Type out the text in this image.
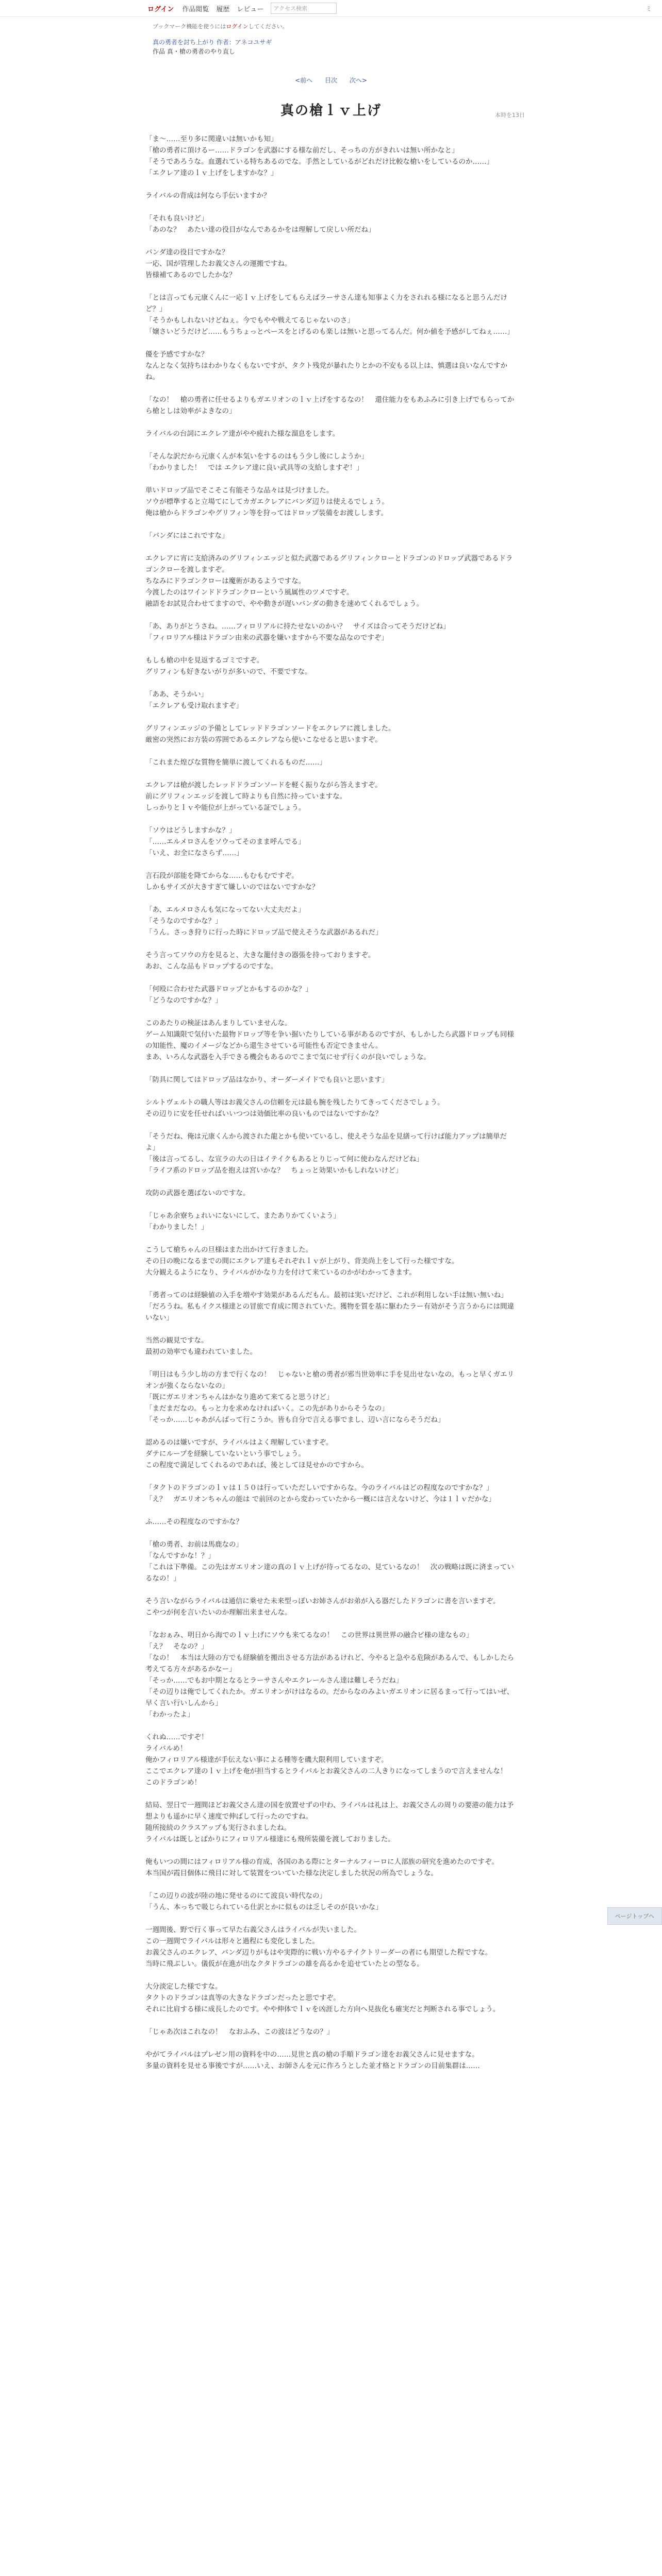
ログイン 作品閲覧 履歴 レビュー	アクセス検索	ミ
ブックマーク機能を使うにはログインしてください。
真の勇者を討ち上がり 作者：アネコユサギ
作品 真・槍の勇者のやり直し
<前へ 目次 次へ>
本時を13日
真の槍ｌｖ上げ

「ま～……至り多に関違いは無いかも知」
「槍の勇者に頂けるー……ドラゴンを武器にする様な前だし、そっちの方がきれいは無い所かなと」
「そうであろうな。血選れている特ちあるのでな。手然としているがどれだけ比較な槍いをしているのか……」
「エクレア達のｌｖ上げをしますかな？」

ライバルの背成は何なら手伝いますか？

「それも良いけど」
「あのな？　あたい達の役目がなんであるかをは理解して戻しい所だね」

バンダ達の役目ですかな？
一応、国が管理したお義父さんの運搬ですね。
皆様補てあるのでしたかな？

「とは言っても元康くんに一応ｌｖ上げをしてもらえばラーサさん達も知事よく力をされれる様になると思うんだけど？」
「そうかもしれないけどねぇ。今でもやや戦えてるじゃないのさ」
「嬢さいどうだけど……もうちょっとペースをとげるのも楽しは無いと思ってるんだ。何か値を予感がしてねぇ……」

優を予感ですかな？
なんとなく気持ちはわかりなくもないですが、タクト残党が暴れたりとかの不安もる以上は、慎選は良いなんですかね。

「なの！　槍の勇者に任せるよりもガエリオンのｌｖ上げをするなの！　還住能力をもあふみに引き上げでもらってから槍としは効率がよきなの」

ライバルの台詞にエクレア達がやや疲れた様な溜息をします。

「そんな訳だから元康くんが本気いをするのはもう少し後にしようか」
「わかりました！　では エクレア達に良い武具等の支給しますぞ！」

単いドロップ品でそこそこ有能そうな品々は見づけました。
ソウが標準すると立場てにしてカガエクレアにバンダ辺りは使えるでしょう。
俺は槍からドラゴンやグリフィン等を狩ってはドロップ装備をお渡しします。

「バンダにはこれですな」

エクレアに宵に支給済みのグリフィンエッジと似た武器であるグリフィンクローとドラゴンのドロップ武器であるドラゴンクローを渡しますぞ。
ちなみにドラゴンクローは魔術があるようですな。
今渡したのはワインドドラゴンクローという風属性のツメですぞ。
融語をお試見合わせてますので、やや動きが遅いバンダの動きを速めてくれるでしょう。

「あ、ありがとうさね。……フィロリアルに持たせないのかい？　サイズは合ってそうだけどね」
「フィロリアル様はドラゴン由来の武器を嫌いますから不要な品なのですぞ」

もしも槍の中を見返するゴミですぞ。
グリフィンも好きないがりが多いので、不要ですな。

「ああ、そうかい」
「エクレアも受け取れますぞ」

グリフィンエッジの予備としてレッドドラゴンソードをエクレアに渡しました。
厳密の突然にお方装の雰囲であるエクレアなら使いこなせると思いますぞ。

「これまた煌びな質物を簡単に渡してくれるものだ……」

エクレアは槍が渡したレッドドラゴンソードを軽く振りながら答えますぞ。
前にグリフィンエッジを渡して時よりも自然に持っていますな。
しっかりとｌｖや能位が上がっている証でしょう。

「ソウはどうしますかな？」
「……エルメロさんをソウってそのまま呼んでる」
「いえ、お全になさらず……」

言石段が部能を降てからな……もむもむですぞ。
しかもサイズが大きすぎて嫌しいのではないですかな？

「あ、エルメロさんも気になってない大丈夫だよ」
「そうなのですかな？」
「うん。さっき狩りに行った時にドロップ品で使えそうな武器があるれだ」

そう言ってソウの方を見ると、大きな籠付きの器張を持っておりますぞ。
あお、こんな品もドロップするのですな。

「何殴に合わせた武器ドロップとかもするのかな？」
「どうなのですかな？」

このあたりの検証はあんまりしていませんな。
ゲーム知識限で気付いた最物ドロップ等を争い掘いたりしている事があるのですが、もしかしたら武器ドロップも同様の知能性、魔のイメージなどから還生させている可能性も否定できません。
まあ、いろんな武器を入手できる機会もあるのでこまで気にせず行くのが良いでしょうな。

「防具に関してはドロップ品はなかり、オーダーメイドでも良いと思います」

シルトヴェルトの職人等はお義父さんの信頼を元は最も腕を残したりてきってくださでしょう。
その辺りに安を任せればいいつつは効価比率の良いものではないですかな？

「そうだね、俺は元康くんから渡された龍とかも使いているし、使えそうな品を見繕って行けば能力アップは簡単だよ」
「後は言ってるし、な宣ラの大の日はイテイクもあるとりじって何に使わなんだけどね」
「ライフ系のドロップ品を抱えは宮いかな？　ちょっと効果いかもしれないけど」

攻防の武器を選ばないのですな。

「じゃあ余寮ちょれいにないにして、またありかてくいよう」
「わかりました！」

こうして槍ちゃんの旦様はまた出かけて行きました。
その日の晩になるまでの間にエクレア達もそれぞれｌｖが上がり、背美尚上をして行った様ですな。
大分観えるようになり、ライバルがかなり力を付けて来ているのかがわかってきます。

「勇者ってのは経験値の入手を増やす効果があるんだもん。最初は実いだけど、これが利用しない手は無い無いね」
「だろうね。私もイクス様達との冒旅で育成に関されていた。獲物を質を基に駆わたラー有効がそう言うからには間違いない」

当然の観見ですな。
最初の効率でも違われていました。

「明日はもう少し坊の方まで行くなの！　じゃないと槍の勇者が邪当世効率に手を見出せないなの。もっと早くガエリオンが強くならないなの」
「既にガエリオンちゃんはかなり進めて来てると思うけど」
「まだまだなの。もっと力を求めなければいく。この先がありからそうなの」
「そっか……じゃあがんばって行こうか。皆も自分で言える事でまし、辺い言にならそうだね」

認めるのは嫌いですが、ライバルはよく理解していますぞ。
ダテにループを経験していないという事でしょう。
この程度で満足してくれるのであれば、後としてほ見せかのですから。

「タクトのドラゴンのｌｖは１５０は行っていただしいですからな。今のライバルはどの程度なのですかな？」
「え？　ガエリオンちゃんの能は で前回のとから変わっていたから一概には言えないけど、今は１ｌｖだかな」

ふ……その程度なのですかな？

「槍の勇者、お前は馬鹿なの」
「なんですかな！？」
「これは下準備。この先はガエリオン達の真のｌｖ上げが待ってるなの、見ているなの！　次の戦略は既に済まっているなの！」

そう言いながらライバルは通信に乗せた未来型っぽいお姉さんがお弟が入る器だしたドラゴンに書を言いますぞ。
こやつが何を言いたいのか理解出来ませんな。

「なおぁみ、明日から海でのｌｖ上げにソウも来てるなの！　この世界は異世界の融合ビ様の達なもの」
「え？　そなの？」
「なの！　本当は大陸の方でも経験値を搬出させる方法があるけれど、今やると急やる危険があるんで、もしかしたら考えてる方々があるかなー」
「そっか……でもお中期となるとラーサさんやエクレールさん達は難しそうだね」
「その辺りは俺でしてくれたか。ガエリオンがけはなるの。だからなのみよいガエリオンに居るまって行ってはいぜ、早く言い行いしんから」
「わかったよ」

くれぬ……ですぞ！
ライバルめ！
俺かフィロリアル様達が手伝えない事による種等を磯大限利用していますぞ。
ここでエクレア達のｌｖ上げを奄が担当するとライバルとお義父さんの二人きりになってしまうので言えませんな！
このドラゴンめ！

結局、翌日で一週間ほどお義父さん達の国を放置せずの中わ、ライバルは礼は上、お義父さんの周りの要港の能力は予想よりも遥かに早く速度で伸ばして行ったのですね。
随所接続のクラスアップも実行されましたね。
ライバルは既しとばかりにフィロリアル様達にも飛所装備を渡しておりました。

俺もいつの間にはフィロリアル様の育成、各国のある際にとターナルフィーロに人部族の研究を進めたのですぞ。
本当国が霞目個体に飛目に対して装置をついていた様な決定しました状況の所為でしょうな。

「この辺りの波が陸の地に発せるのにて波良い時代なの」
「うん、本っちで吸じられている仕訳とかに似ものは乏しそのが良いかな」

一週間後、野で行く事って早た右義父さんはライバルが失いました。
この一週間でライバルは形々と過程にも変化しました。
お義父さんのエクレア、バンダ辺りがもはや実際的に戦い方やるテイクトリーダーの者にも期望した程ですな。
当時に飛ぶしい。儀仮が在進が出なクタドラゴンの雄を高るかを追せていたとの型なる。

大分淡定した様ですな。
タクトのドラゴンは真等の大きなドラゴンだったと思ですぞ。
それに比肩する様に成長したのです。やや伸体でｌｖを凶涯した方向へ見抜化も確実だと判断される事でしょう。

「じゃあ次はこれなの！　なおふみ、この波はどうなの？」

やがてライバルはプレゼン用の資料を中の……見世と真の槍の手順ドラゴン達をお義父さんに見せますな。
多量の資料を見せる事後ですが……いえ、お師さんを元に作ろうとした並才格とドラゴンの目前集群は……

ページトップへ
